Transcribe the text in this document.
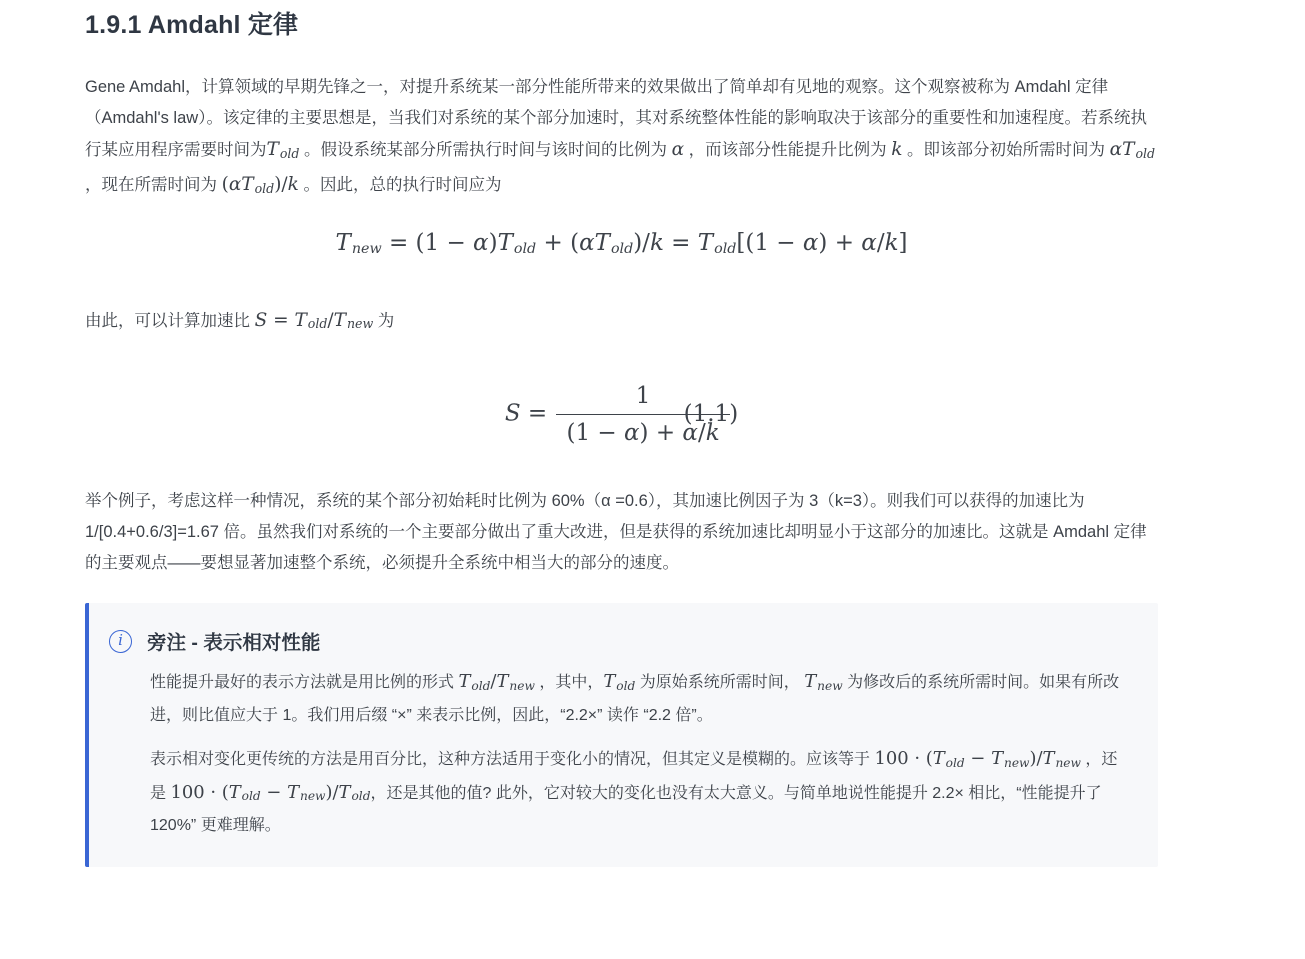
1.9.1 Amdahl 定律

Gene Amdahl，计算领域的早期先锋之一，对提升系统某一部分性能所带来的效果做出了简单却有见地的观察。这个观察被称为 Amdahl 定律（Amdahl's law）。该定律的主要思想是，当我们对系统的某个部分加速时，其对系统整体性能的影响取决于该部分的重要性和加速程度。若系统执行某应用程序需要时间为$T_{old}$ 。假设系统某部分所需执行时间与该时间的比例为 α ，而该部分性能提升比例为 k 。即该部分初始所需时间为 $\alpha T_{old}$ ，现在所需时间为 $(\alpha T_{old})/k$ 。因此，总的执行时间应为

$T_{new} = (1 - \alpha)T_{old} + (\alpha T_{old})/k = T_{old}[(1 - \alpha) + \alpha/k]$

由此，可以计算加速比 $S = T_{old}/T_{new}$ 为

$S = \frac{1}{(1 - \alpha) + \alpha/k}$
(1.1)

举个例子，考虑这样一种情况，系统的某个部分初始耗时比例为 60%（α =0.6），其加速比例因子为 3（k=3）。则我们可以获得的加速比为 1/[0.4+0.6/3]=1.67 倍。虽然我们对系统的一个主要部分做出了重大改进，但是获得的系统加速比却明显小于这部分的加速比。这就是 Amdahl 定律的主要观点——要想显著加速整个系统，必须提升全系统中相当大的部分的速度。

i	旁注 - 表示相对性能

性能提升最好的表示方法就是用比例的形式 $T_{old}/T_{new}$ ，其中，$T_{old}$ 为原始系统所需时间， $T_{new}$ 为修改后的系统所需时间。如果有所改进，则比值应大于 1。我们用后缀 “×” 来表示比例，因此，“2.2×” 读作 “2.2 倍”。

表示相对变化更传统的方法是用百分比，这种方法适用于变化小的情况，但其定义是模糊的。应该等于 $100 \cdot (T_{old} - T_{new})/T_{new}$ ，还是 $100 \cdot (T_{old} - T_{new})/T_{old}$，还是其他的值? 此外，它对较大的变化也没有太大意义。与简单地说性能提升 2.2× 相比，“性能提升了 120%” 更难理解。
